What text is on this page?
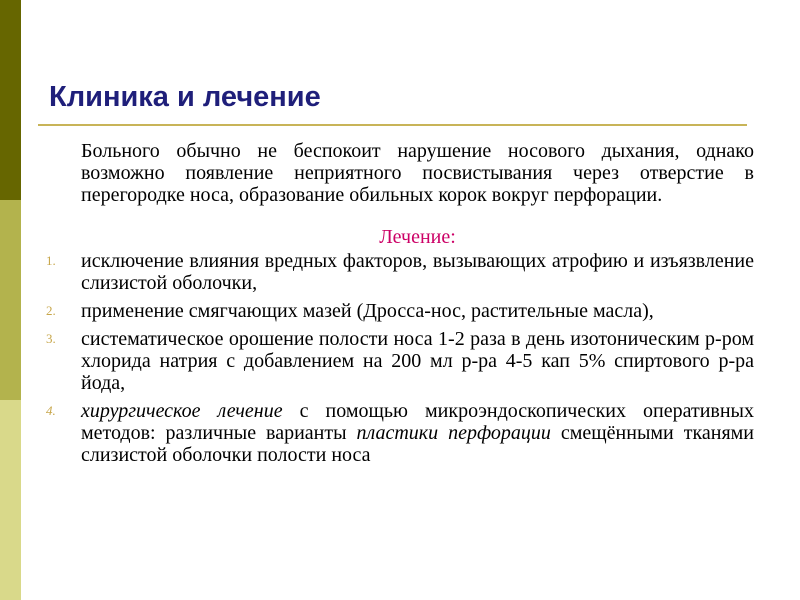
Клиника и лечение
Больного обычно не беспокоит нарушение носового дыхания, однако возможно появление неприятного посвистывания через отверстие в перегородке носа, образование обильных корок вокруг перфорации.
Лечение:
1. исключение влияния вредных факторов, вызывающих атрофию и изъязвление слизистой оболочки,
2. применение смягчающих мазей (Дросса-нос, растительные масла),
3. систематическое орошение полости носа 1-2 раза в день изотоническим р-ром хлорида натрия с добавлением на 200 мл р-ра 4-5 кап 5% спиртового р-ра йода,
4. хирургическое лечение с помощью микроэндоскопических оперативных методов: различные варианты пластики перфорации смещёнными тканями слизистой оболочки полости носа
